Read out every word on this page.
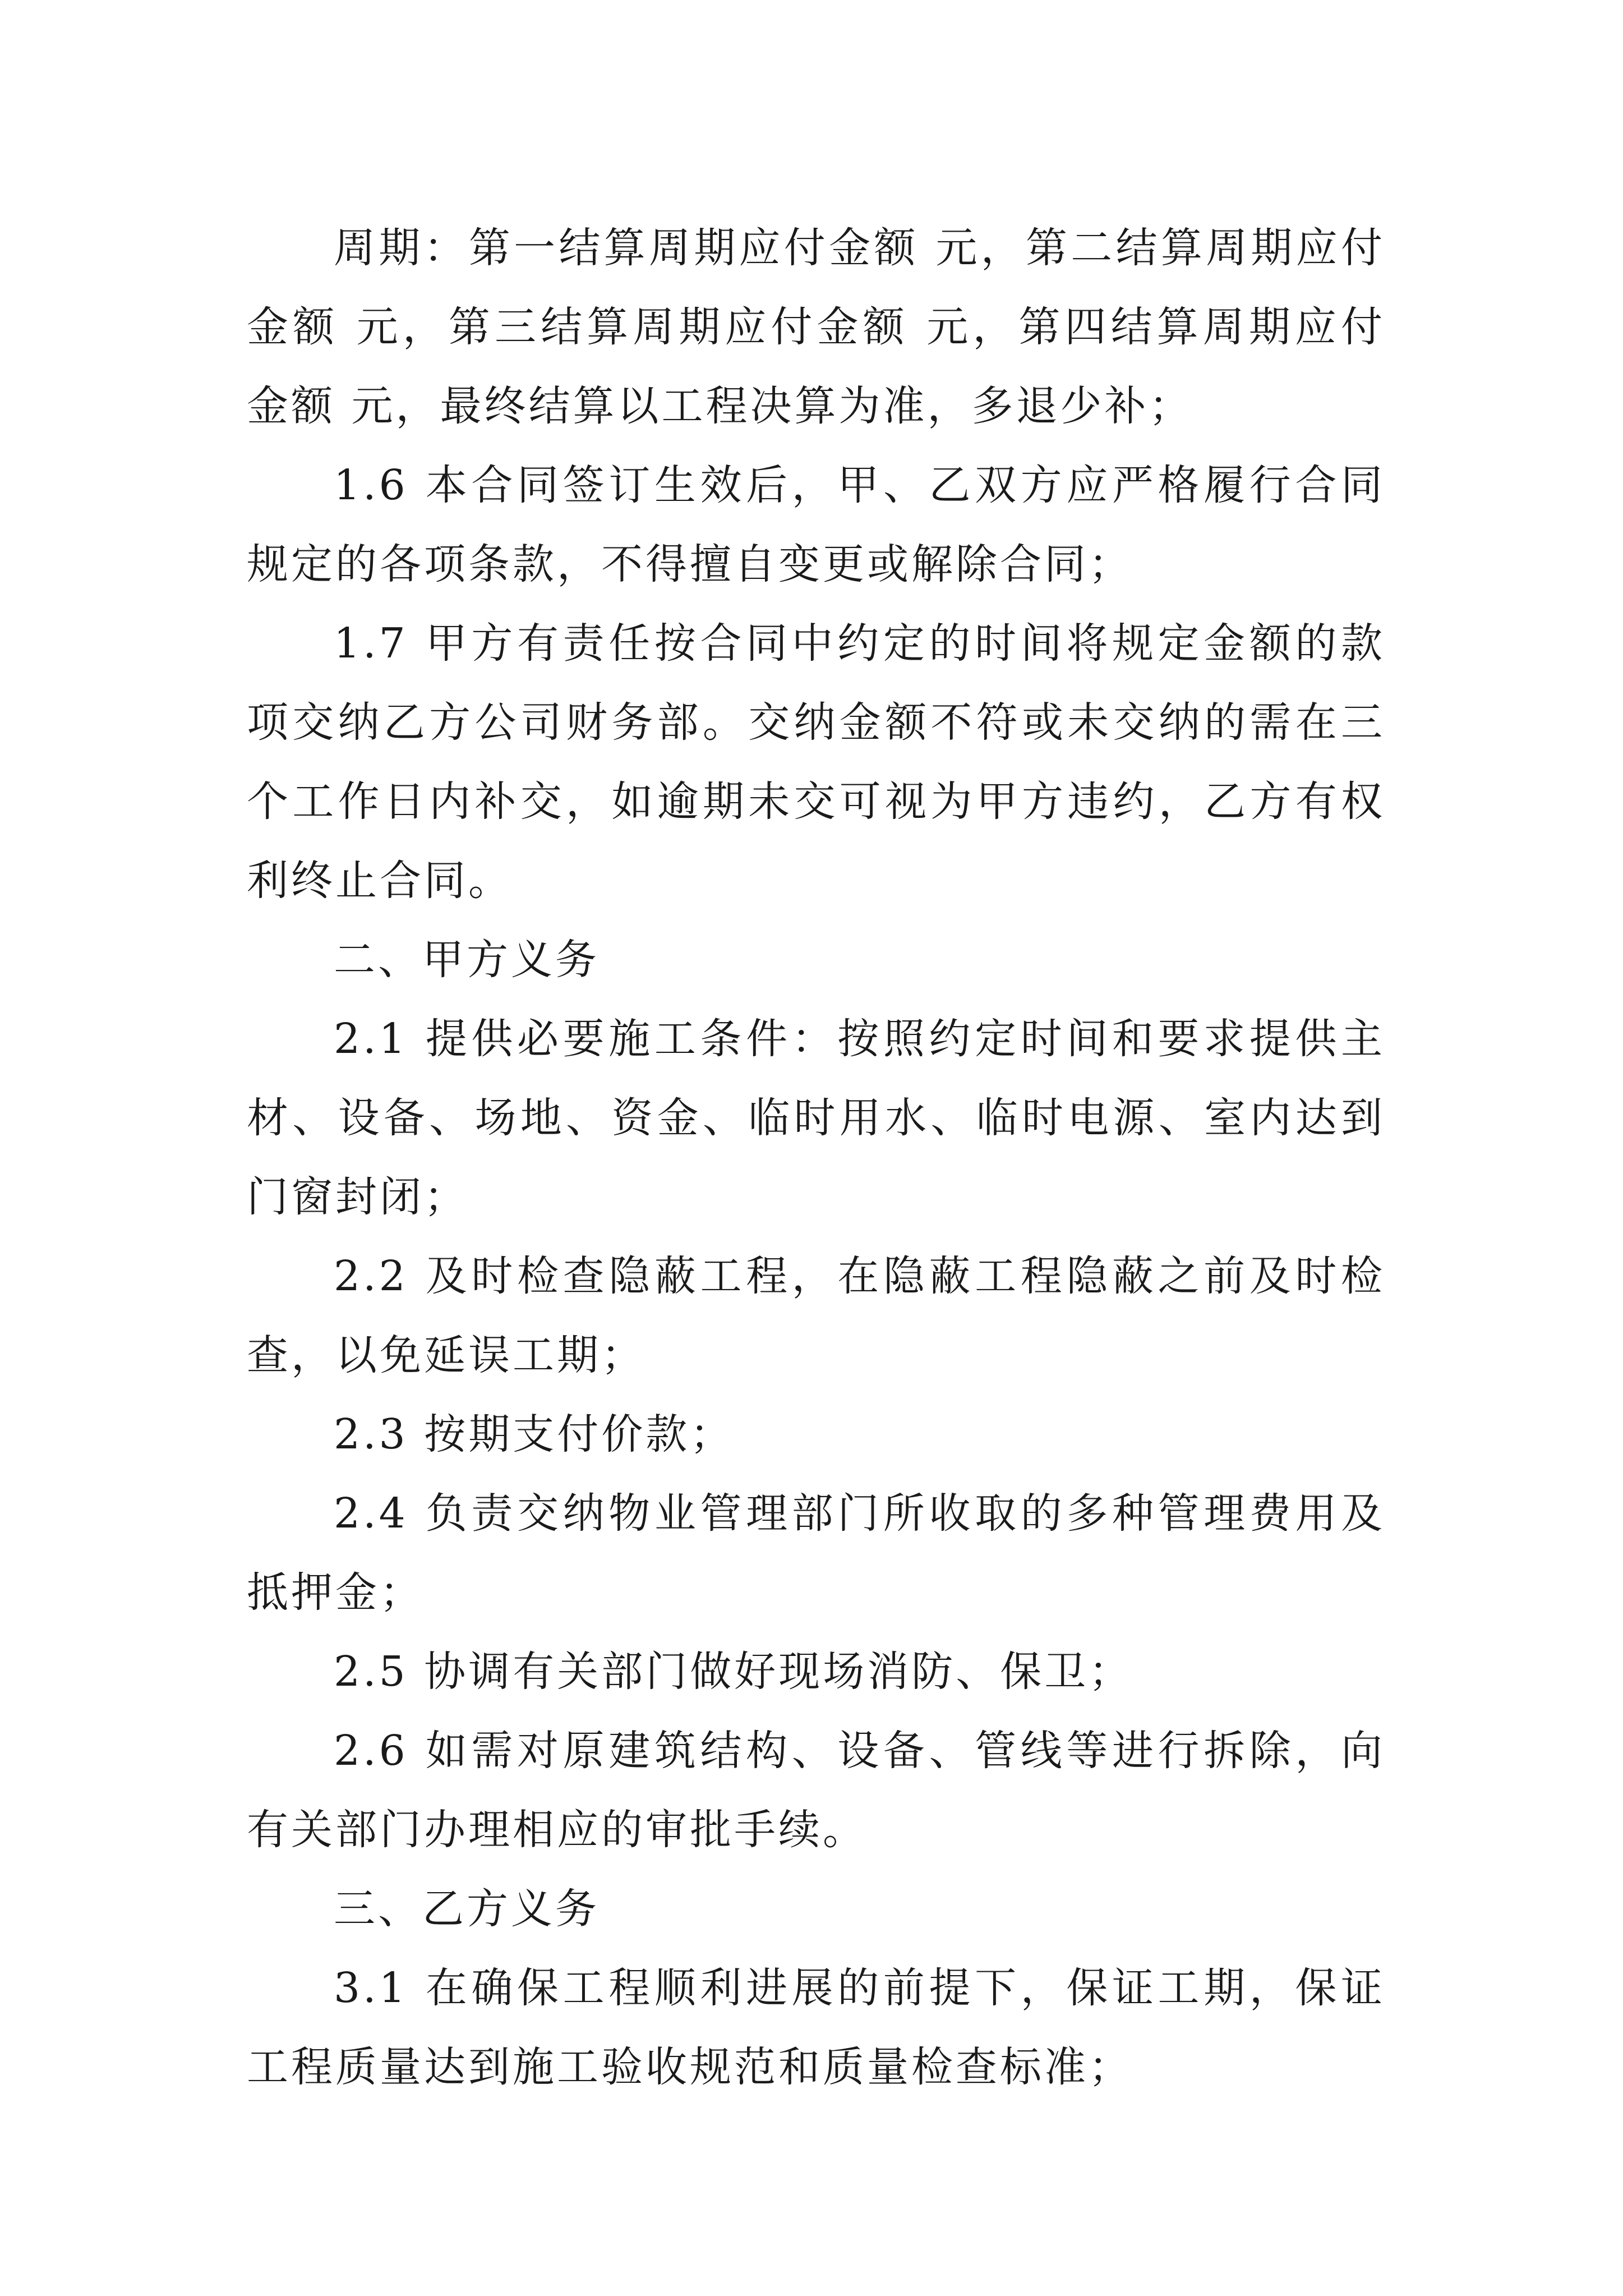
周期：第一结算周期应付金额 元，第二结算周期应付金额 元，第三结算周期应付金额 元，第四结算周期应付金额 元，最终结算以工程决算为准，多退少补；

1.6 本合同签订生效后，甲、乙双方应严格履行合同规定的各项条款，不得擅自变更或解除合同；

1.7 甲方有责任按合同中约定的时间将规定金额的款项交纳乙方公司财务部。交纳金额不符或未交纳的需在三个工作日内补交，如逾期未交可视为甲方违约，乙方有权利终止合同。

二、甲方义务

2.1 提供必要施工条件：按照约定时间和要求提供主材、设备、场地、资金、临时用水、临时电源、室内达到门窗封闭；

2.2 及时检查隐蔽工程，在隐蔽工程隐蔽之前及时检查，以免延误工期；

2.3 按期支付价款；

2.4 负责交纳物业管理部门所收取的多种管理费用及抵押金；

2.5 协调有关部门做好现场消防、保卫；

2.6 如需对原建筑结构、设备、管线等进行拆除，向有关部门办理相应的审批手续。

三、乙方义务

3.1 在确保工程顺利进展的前提下，保证工期，保证工程质量达到施工验收规范和质量检查标准；
